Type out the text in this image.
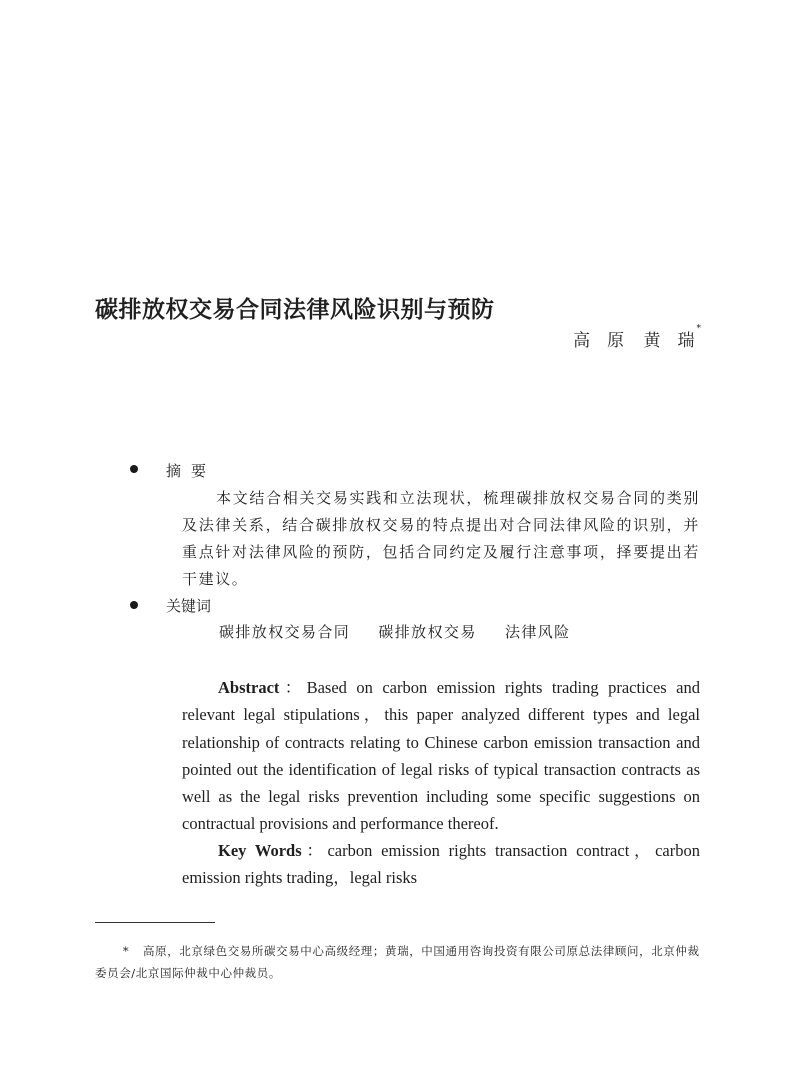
碳排放权交易合同法律风险识别与预防
高　原 黄　瑞*
摘要

本文结合相关交易实践和立法现状，梳理碳排放权交易合同的类别及法律关系，结合碳排放权交易的特点提出对合同法律风险的识别，并重点针对法律风险的预防，包括合同约定及履行注意事项，择要提出若干建议。

关键词
碳排放权交易合同 碳排放权交易 法律风险

Abstract：Based on carbon emission rights trading practices and relevant legal stipulations，this paper analyzed different types and legal relationship of contracts relating to Chinese carbon emission transaction and pointed out the identification of legal risks of typical transaction contracts as well as the legal risks prevention including some specific suggestions on contractual provisions and performance thereof.

Key Words：carbon emission rights transaction contract，carbon emission rights trading，legal risks

* 高原，北京绿色交易所碳交易中心高级经理；黄瑞，中国通用咨询投资有限公司原总法律顾问，北京仲裁委员会/北京国际仲裁中心仲裁员。
